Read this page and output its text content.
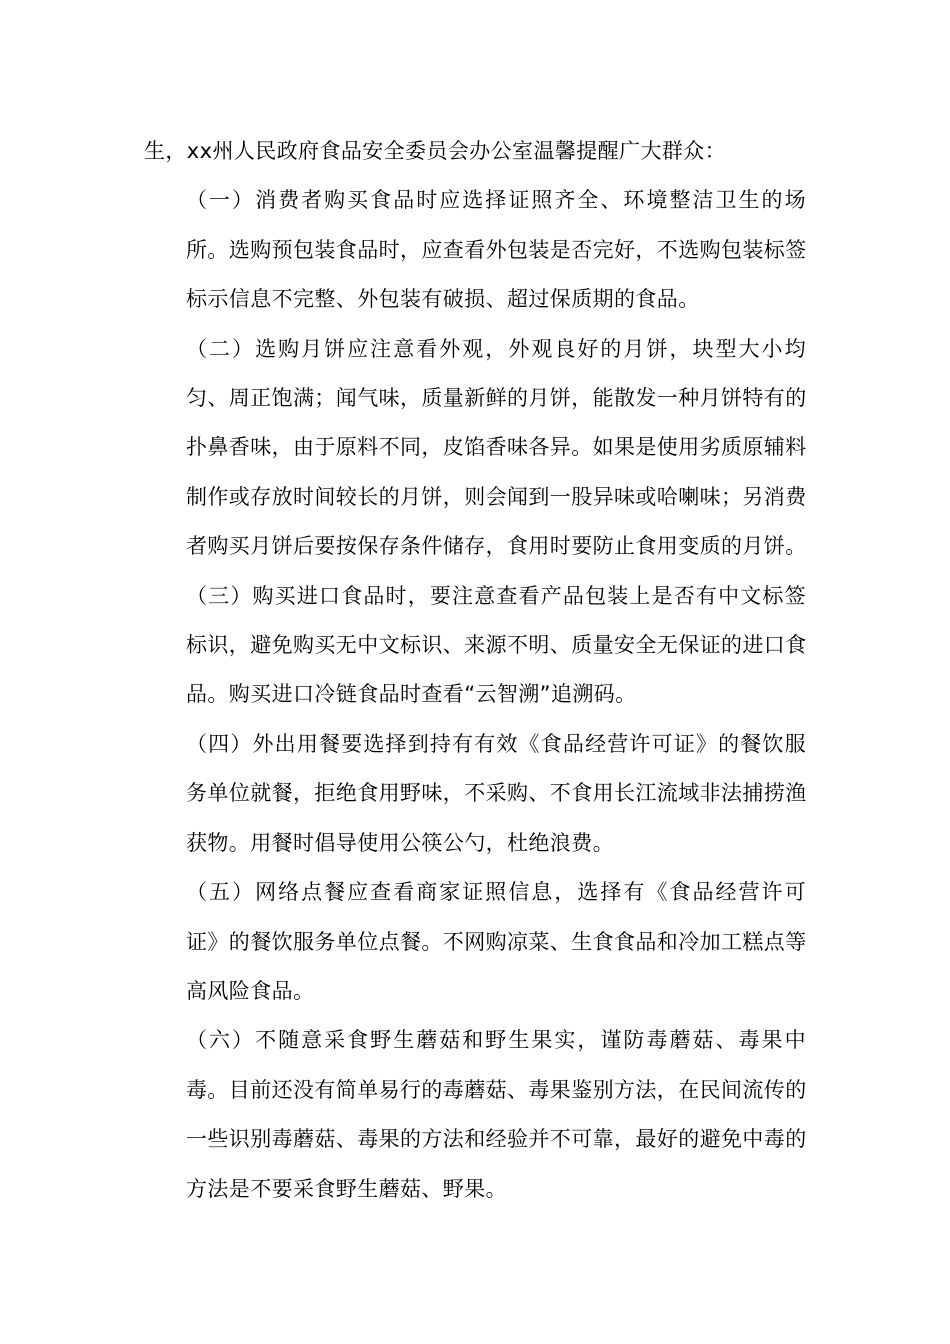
生，xx州人民政府食品安全委员会办公室温馨提醒广大群众：

（一）消费者购买食品时应选择证照齐全、环境整洁卫生的场
所。选购预包装食品时，应查看外包装是否完好，不选购包装标签
标示信息不完整、外包装有破损、超过保质期的食品。

（二）选购月饼应注意看外观，外观良好的月饼，块型大小均
匀、周正饱满；闻气味，质量新鲜的月饼，能散发一种月饼特有的
扑鼻香味，由于原料不同，皮馅香味各异。如果是使用劣质原辅料
制作或存放时间较长的月饼，则会闻到一股异味或哈喇味；另消费
者购买月饼后要按保存条件储存，食用时要防止食用变质的月饼。

（三）购买进口食品时，要注意查看产品包装上是否有中文标签
标识，避免购买无中文标识、来源不明、质量安全无保证的进口食
品。购买进口冷链食品时查看“云智溯”追溯码。

（四）外出用餐要选择到持有有效《食品经营许可证》的餐饮服
务单位就餐，拒绝食用野味，不采购、不食用长江流域非法捕捞渔
获物。用餐时倡导使用公筷公勺，杜绝浪费。

（五）网络点餐应查看商家证照信息，选择有《食品经营许可
证》的餐饮服务单位点餐。不网购凉菜、生食食品和冷加工糕点等
高风险食品。

（六）不随意采食野生蘑菇和野生果实，谨防毒蘑菇、毒果中
毒。目前还没有简单易行的毒蘑菇、毒果鉴别方法，在民间流传的
一些识别毒蘑菇、毒果的方法和经验并不可靠，最好的避免中毒的
方法是不要采食野生蘑菇、野果。
